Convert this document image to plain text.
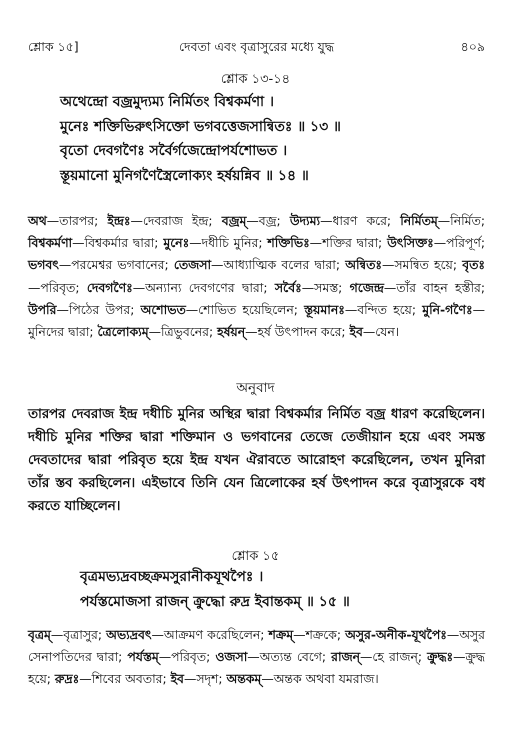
শ্লোক ১৫]	দেবতা এবং বৃত্রাসুরের মধ্যে যুদ্ধ	৪০৯
শ্লোক ১৩-১৪
অথেন্দ্রো বজ্রমুদ্যম্য নির্মিতং বিশ্বকর্মণা ।
মুনেঃ শক্তিভিরুৎসিক্তো ভগবত্তেজসান্বিতঃ ॥ ১৩ ॥
বৃতো দেবগণৈঃ সর্বৈর্গজেন্দ্রোপর্যশোভত ।
স্তূয়মানো মুনিগণৈস্ত্রৈলোক্যং হর্ষয়ন্নিব ॥ ১৪ ॥
অথ—তারপর; ইন্দ্রঃ—দেবরাজ ইন্দ্র; বজ্রম্—বজ্র; উদ্যম্য—ধারণ করে; নির্মিতম্—নির্মিত; বিশ্বকর্মণা—বিশ্বকর্মার দ্বারা; মুনেঃ—দধীচি মুনির; শক্তিভিঃ—শক্তির দ্বারা; উৎসিক্তঃ—পরিপূর্ণ; ভগবৎ—পরমেশ্বর ভগবানের; তেজসা—আধ্যাত্মিক বলের দ্বারা; অন্বিতঃ—সমন্বিত হয়ে; বৃতঃ—পরিবৃত; দেবগণৈঃ—অন্যান্য দেবগণের দ্বারা; সর্বৈঃ—সমস্ত; গজেন্দ্র—তাঁর বাহন হস্তীর; উপরি—পিঠের উপর; অশোভত—শোভিত হয়েছিলেন; স্তূয়মানঃ—বন্দিত হয়ে; মুনি-গণৈঃ—মুনিদের দ্বারা; ত্রৈলোক্যম্—ত্রিভুবনের; হর্ষয়ন্—হর্ষ উৎপাদন করে; ইব—যেন।
অনুবাদ
তারপর দেবরাজ ইন্দ্র দধীচি মুনির অস্থির দ্বারা বিশ্বকর্মার নির্মিত বজ্র ধারণ করেছিলেন। দধীচি মুনির শক্তির দ্বারা শক্তিমান ও ভগবানের তেজে তেজীয়ান হয়ে এবং সমস্ত দেবতাদের দ্বারা পরিবৃত হয়ে ইন্দ্র যখন ঐরাবতে আরোহণ করেছিলেন, তখন মুনিরা তাঁর স্তব করছিলেন। এইভাবে তিনি যেন ত্রিলোকের হর্ষ উৎপাদন করে বৃত্রাসুরকে বধ করতে যাচ্ছিলেন।
শ্লোক ১৫
বৃত্রমভ্যদ্রবচ্ছক্রমসুরানীকযূথপৈঃ ।
পর্যস্তমোজসা রাজন্ ক্রুদ্ধো রুদ্র ইবান্তকম্ ॥ ১৫ ॥
বৃত্রম্—বৃত্রাসুর; অভ্যদ্রবৎ—আক্রমণ করেছিলেন; শক্রম্—শক্রকে; অসুর-অনীক-যূথপৈঃ—অসুর সেনাপতিদের দ্বারা; পর্যস্তম্—পরিবৃত; ওজসা—অত্যন্ত বেগে; রাজন্—হে রাজন্; ক্রুদ্ধঃ—ক্রুদ্ধ হয়ে; রুদ্রঃ—শিবের অবতার; ইব—সদৃশ; অন্তকম্—অন্তক অথবা যমরাজ।
